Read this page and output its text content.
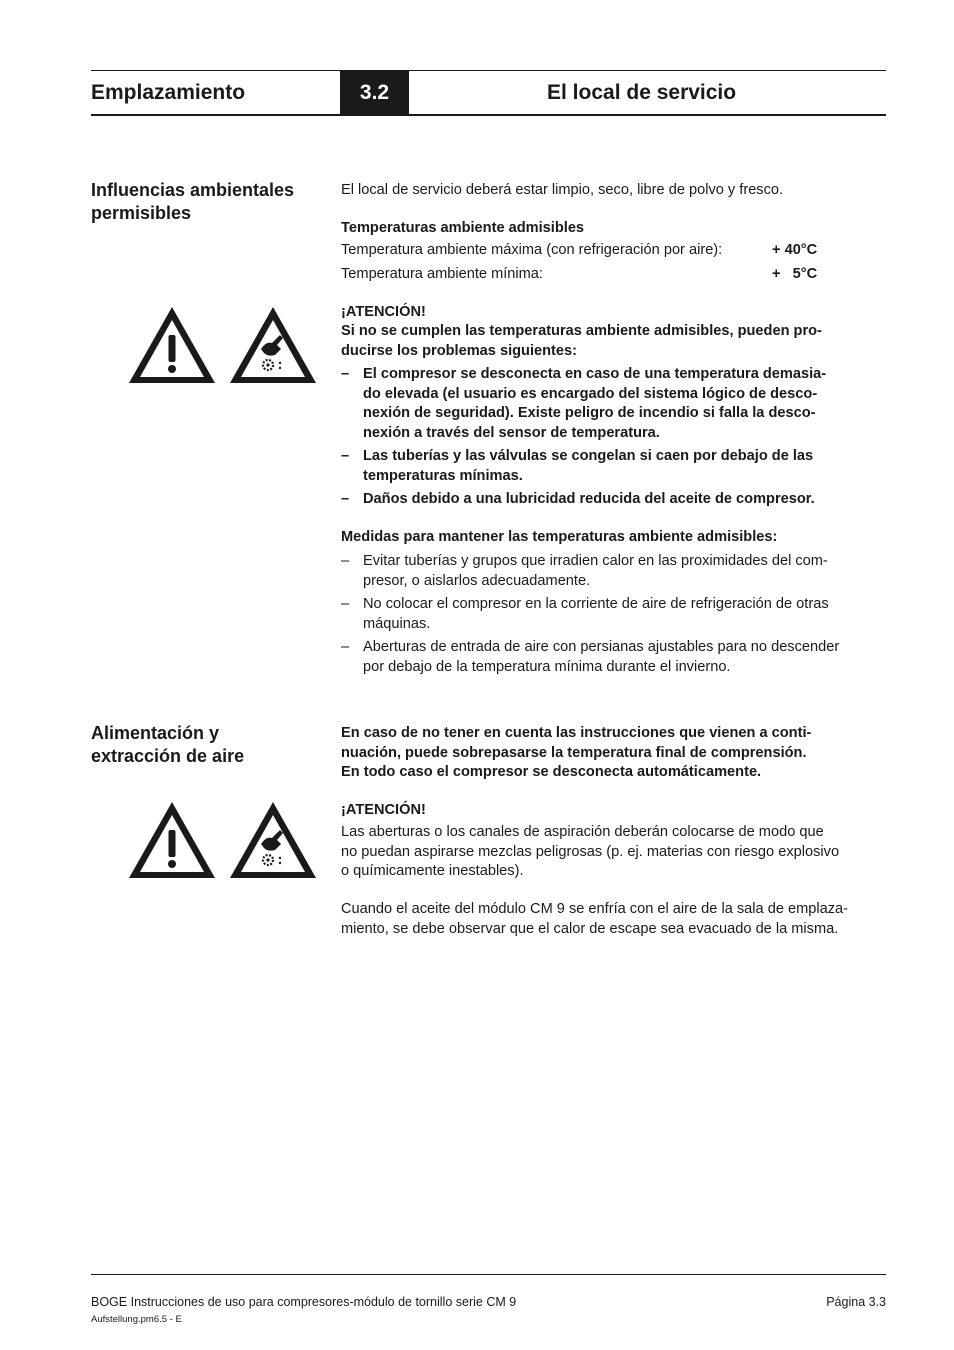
Emplazamiento	3.2	El local de servicio
Influencias ambientales
permisibles
El local de servicio deberá estar limpio, seco, libre de polvo y fresco.
Temperaturas ambiente admisibles
Temperatura ambiente máxima (con refrigeración por aire):	+ 40°C
Temperatura ambiente mínima:	+   5°C
¡ATENCIÓN!
Si no se cumplen las temperaturas ambiente admisibles, pueden pro-
ducirse los problemas siguientes:
– El compresor se desconecta en caso de una temperatura demasia-
do elevada (el usuario es encargado del sistema lógico de desco-
nexión de seguridad). Existe peligro de incendio si falla la desco-
nexión a través del sensor de temperatura.
– Las tuberías y las válvulas se congelan si caen por debajo de las
temperaturas mínimas.
– Daños debido a una lubricidad reducida del aceite de compresor.
Medidas para mantener las temperaturas ambiente admisibles:
– Evitar tuberías y grupos que irradien calor en las proximidades del com-
presor, o aislarlos adecuadamente.
– No colocar el compresor en la corriente de aire de refrigeración de otras
máquinas.
– Aberturas de entrada de aire con persianas ajustables para no descender
por debajo de la temperatura mínima durante el invierno.
Alimentación y
extracción de aire
En caso de no tener en cuenta las instrucciones que vienen a conti-
nuación, puede sobrepasarse la temperatura final de comprensión.
En todo caso el compresor se desconecta automáticamente.
¡ATENCIÓN!
Las aberturas o los canales de aspiración deberán colocarse de modo que
no puedan aspirarse mezclas peligrosas (p. ej. materias con riesgo explosivo
o químicamente inestables).
Cuando el aceite del módulo CM 9 se enfría con el aire de la sala de emplaza-
miento, se debe observar que el calor de escape sea evacuado de la misma.
BOGE Instrucciones de uso para compresores-módulo de tornillo serie CM 9
Aufstellung.pm6.5 - E
Página 3.3
